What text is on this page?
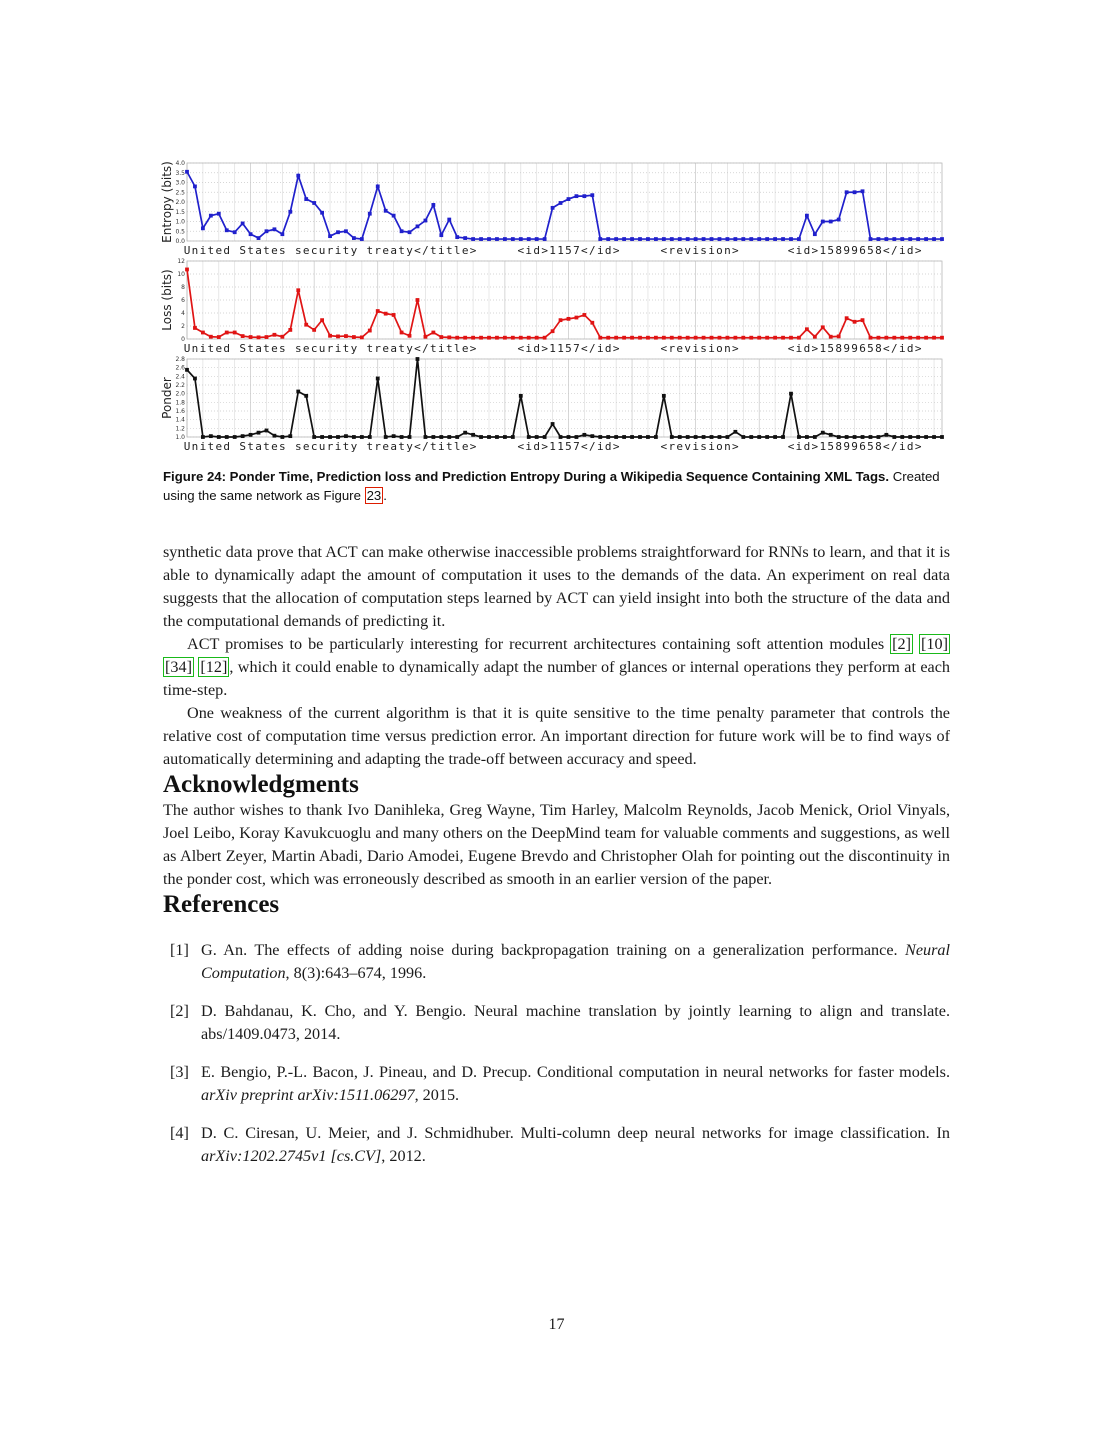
Entropy (bits) 0.0
0.5
1.0
1.5
2.0
2.5
3.0
3.5
4.0
U n i t e d S t a t e s s e c u r i t y t r e a t y < / t i t l e >	< i d > 1 1 5 7 < / i d >	< r e v i s i o n >	< i d > 1 5 8 9 9 6 5 8 < / i d >
Loss (bits)
0
2
4
6
8
10
12
U n i t e d S t a t e s s e c u r i t y t r e a t y < / t i t l e >	< i d > 1 1 5 7 < / i d >	< r e v i s i o n >	< i d > 1 5 8 9 9 6 5 8 < / i d >
Ponder
1.0
1.2
1.4
1.6
1.8
2.0
2.2
2.4
2.6
2.8
U n i t e d S t a t e s s e c u r i t y t r e a t y < / t i t l e >	< i d > 1 1 5 7 < / i d >	< r e v i s i o n >	< i d > 1 5 8 9 9 6 5 8 < / i d >
Figure 24: Ponder Time, Prediction loss and Prediction Entropy During a Wikipedia Sequence Containing XML Tags. Created using the same network as Figure 23 .

synthetic data prove that ACT can make otherwise inaccessible problems straightforward for RNNs to learn, and that it is able to dynamically adapt the amount of computation it uses to the demands of the data. An experiment on real data suggests that the allocation of computation steps learned by ACT can yield insight into both the structure of the data and the computational demands of predicting it.

ACT promises to be particularly interesting for recurrent architectures containing soft attention modules [2] [10] [34] [12] , which it could enable to dynamically adapt the number of glances or internal operations they perform at each time-step.

One weakness of the current algorithm is that it is quite sensitive to the time penalty parameter that controls the relative cost of computation time versus prediction error. An important direction for future work will be to find ways of automatically determining and adapting the trade-off between accuracy and speed.

Acknowledgments

The author wishes to thank Ivo Danihleka, Greg Wayne, Tim Harley, Malcolm Reynolds, Jacob Menick, Oriol Vinyals, Joel Leibo, Koray Kavukcuoglu and many others on the DeepMind team for valuable comments and suggestions, as well as Albert Zeyer, Martin Abadi, Dario Amodei, Eugene Brevdo and Christopher Olah for pointing out the discontinuity in the ponder cost, which was erroneously described as smooth in an earlier version of the paper.

References
[1] G. An. The effects of adding noise during backpropagation training on a generalization performance. Neural Computation, 8(3):643–674, 1996.
[2] D. Bahdanau, K. Cho, and Y. Bengio. Neural machine translation by jointly learning to align and translate. abs/1409.0473, 2014.
[3] E. Bengio, P.-L. Bacon, J. Pineau, and D. Precup. Conditional computation in neural networks for faster models. arXiv preprint arXiv:1511.06297, 2015.
[4] D. C. Ciresan, U. Meier, and J. Schmidhuber. Multi-column deep neural networks for image classification. In arXiv:1202.2745v1 [cs.CV], 2012.
17
